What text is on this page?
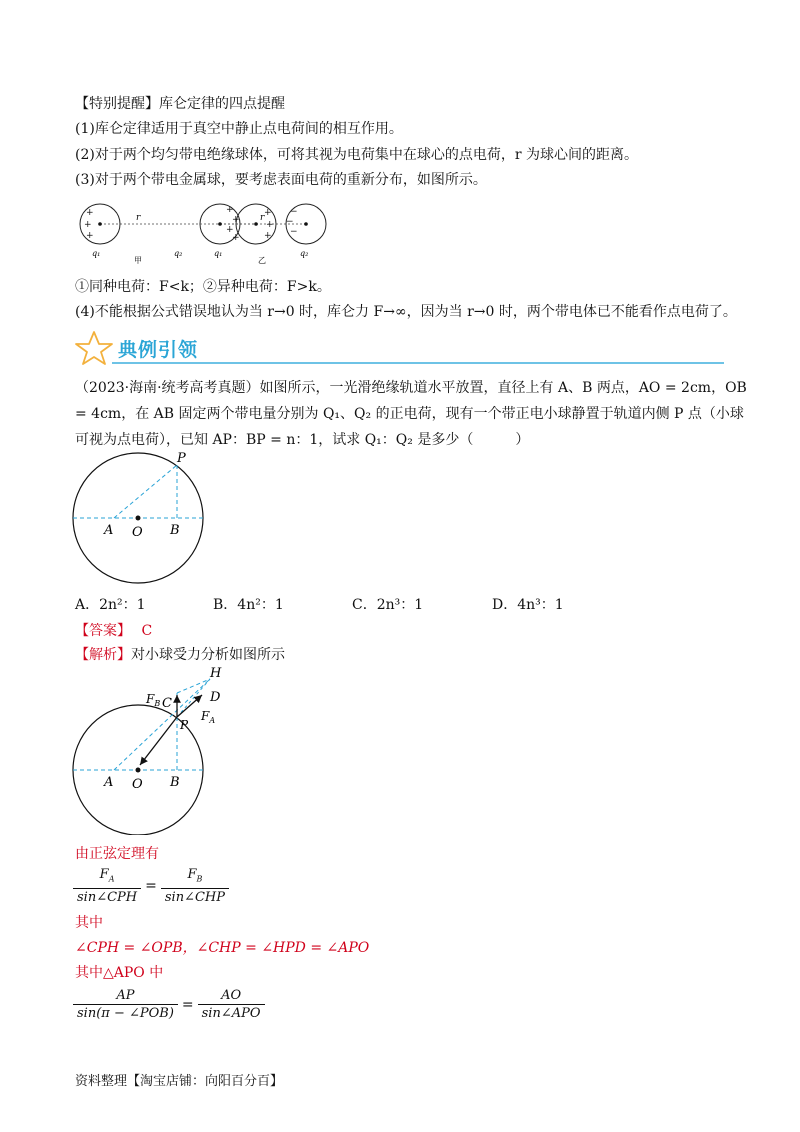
【特别提醒】库仑定律的四点提醒
(1)库仑定律适用于真空中静止点电荷间的相互作用。
(2)对于两个均匀带电绝缘球体，可将其视为电荷集中在球心的点电荷，r 为球心间的距离。
(3)对于两个带电金属球，要考虑表面电荷的重新分布，如图所示。
+
+
+
+
+
+
+
+
+
+
−
−
−
r	r
q₁	q₂	q₁	q₂
甲	乙
①同种电荷：F<k；②异种电荷：F>k。
(4)不能根据公式错误地认为当 r→0 时，库仑力 F→∞，因为当 r→0 时，两个带电体已不能看作点电荷了。
典例引领
（2023·海南·统考高考真题）如图所示，一光滑绝缘轨道水平放置，直径上有 A、B 两点，AO = 2cm，OB
= 4cm，在 AB 固定两个带电量分别为 Q₁、Q₂ 的正电荷，现有一个带正电小球静置于轨道内侧 P 点（小球
可视为点电荷），已知 AP：BP = n：1，试求 Q₁：Q₂ 是多少（　　　）
P
A O B
A．2n²：1	B．4n²：1	C．2n³：1	D．4n³：1
【答案】 C
【解析】对小球受力分析如图所示
H
D
C
$F_B$
$F_A$
P
A O B
由正弦定理有
$\frac{F_A}{\text{sin∠CPH}} = \frac{F_B}{\text{sin∠CHP}}$
其中
∠CPH = ∠OPB，∠CHP = ∠HPD = ∠APO
其中△APO 中
$\frac{AP}{\text{sin(π − ∠POB)}} = \frac{AO}{\text{sin∠APO}}$
资料整理【淘宝店铺：向阳百分百】
